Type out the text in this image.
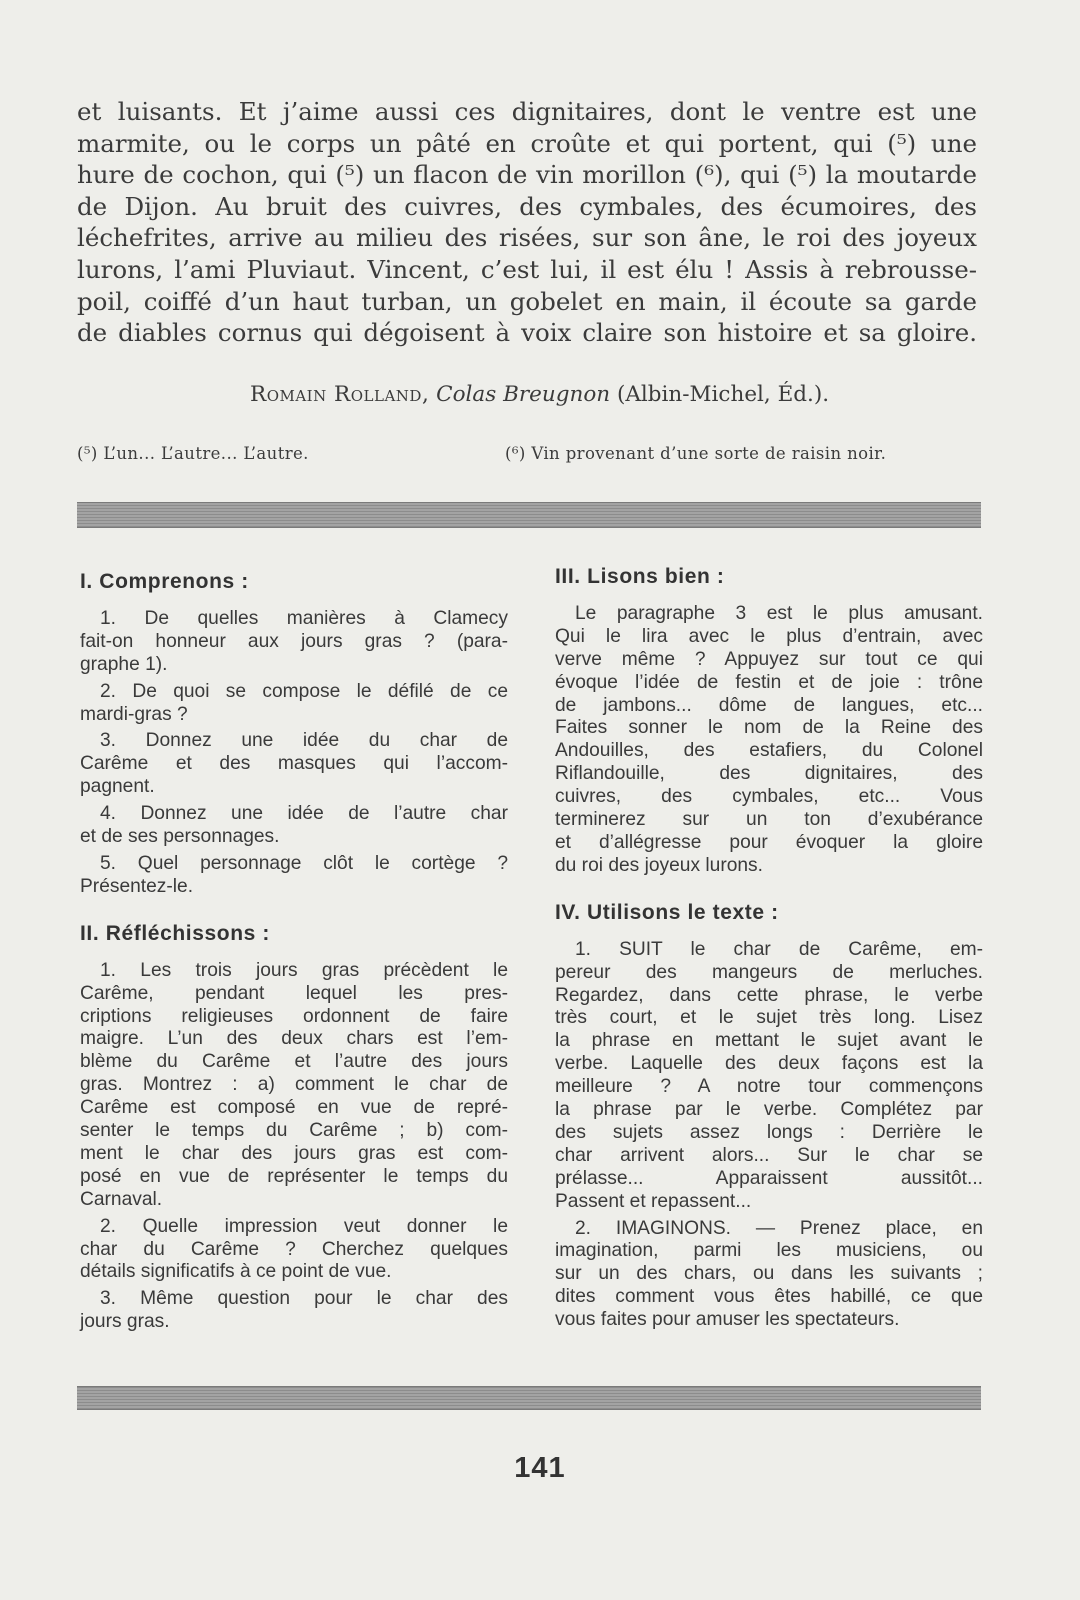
et luisants. Et j’aime aussi ces dignitaires, dont le ventre est une
marmite, ou le corps un pâté en croûte et qui portent, qui (⁵) une
hure de cochon, qui (⁵) un flacon de vin morillon (⁶), qui (⁵) la moutarde
de Dijon. Au bruit des cuivres, des cymbales, des écumoires, des
léchefrites, arrive au milieu des risées, sur son âne, le roi des joyeux
lurons, l’ami Pluviaut. Vincent, c’est lui, il est élu ! Assis à rebrousse-
poil, coiffé d’un haut turban, un gobelet en main, il écoute sa garde
de diables cornus qui dégoisent à voix claire son histoire et sa gloire.
Romain Rolland, Colas Breugnon (Albin-Michel, Éd.).
(⁵) L’un... L’autre... L’autre.	(⁶) Vin provenant d’une sorte de raisin noir.
I. Comprenons :
1. De quelles manières à Clamecy
fait-on honneur aux jours gras ? (para-
graphe 1).
2. De quoi se compose le défilé de ce
mardi-gras ?
3. Donnez une idée du char de
Carême et des masques qui l’accom-
pagnent.
4. Donnez une idée de l’autre char
et de ses personnages.
5. Quel personnage clôt le cortège ?
Présentez-le.
II. Réfléchissons :
1. Les trois jours gras précèdent le
Carême, pendant lequel les pres-
criptions religieuses ordonnent de faire
maigre. L’un des deux chars est l’em-
blème du Carême et l’autre des jours
gras. Montrez : a) comment le char de
Carême est composé en vue de repré-
senter le temps du Carême ; b) com-
ment le char des jours gras est com-
posé en vue de représenter le temps du
Carnaval.
2. Quelle impression veut donner le
char du Carême ? Cherchez quelques
détails significatifs à ce point de vue.
3. Même question pour le char des
jours gras.
III. Lisons bien :
Le paragraphe 3 est le plus amusant.
Qui le lira avec le plus d’entrain, avec
verve même ? Appuyez sur tout ce qui
évoque l’idée de festin et de joie : trône
de jambons... dôme de langues, etc...
Faites sonner le nom de la Reine des
Andouilles, des estafiers, du Colonel
Riflandouille, des dignitaires, des
cuivres, des cymbales, etc... Vous
terminerez sur un ton d’exubérance
et d’allégresse pour évoquer la gloire
du roi des joyeux lurons.
IV. Utilisons le texte :
1. SUIT le char de Carême, em-
pereur des mangeurs de merluches.
Regardez, dans cette phrase, le verbe
très court, et le sujet très long. Lisez
la phrase en mettant le sujet avant le
verbe. Laquelle des deux façons est la
meilleure ? A notre tour commençons
la phrase par le verbe. Complétez par
des sujets assez longs : Derrière le
char arrivent alors... Sur le char se
prélasse... Apparaissent aussitôt...
Passent et repassent...
2. IMAGINONS. — Prenez place, en
imagination, parmi les musiciens, ou
sur un des chars, ou dans les suivants ;
dites comment vous êtes habillé, ce que
vous faites pour amuser les spectateurs.
141
